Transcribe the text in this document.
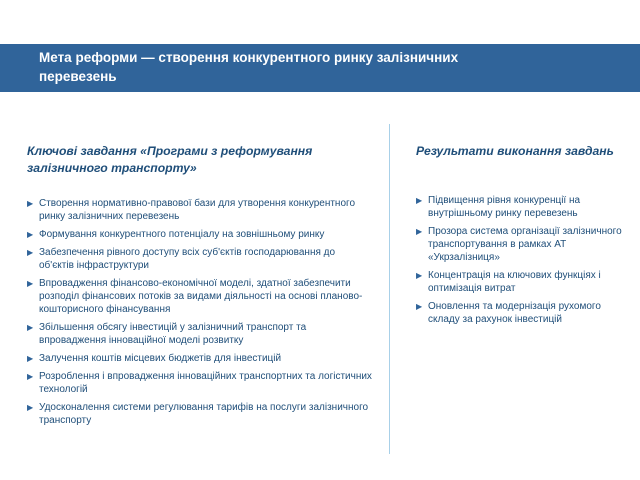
Мета реформи — створення конкурентного ринку залізничних перевезень
Ключові завдання «Програми з реформування залізничного транспорту»
Результати виконання завдань
▶ Створення нормативно-правової бази для утворення конкурентного ринку залізничних перевезень
▶ Формування конкурентного потенціалу на зовнішньому ринку
▶ Забезпечення рівного доступу всіх суб'єктів господарювання до об'єктів інфраструктури
▶ Впровадження фінансово-економічної моделі, здатної забезпечити розподіл фінансових потоків за видами діяльності на основі планово-кошторисного фінансування
▶ Збільшення обсягу інвестицій у залізничний транспорт та впровадження інноваційної моделі розвитку
▶ Залучення коштів місцевих бюджетів для інвестицій
▶ Розроблення і впровадження інноваційних транспортних та логістичних технологій
▶ Удосконалення системи регулювання тарифів на послуги залізничного транспорту
▶ Підвищення рівня конкуренції на внутрішньому ринку перевезень
▶ Прозора система організації залізничного транспортування в рамках АТ «Укрзалізниця»
▶ Концентрація на ключових функціях і оптимізація витрат
▶ Оновлення та модернізація рухомого складу за рахунок інвестицій
